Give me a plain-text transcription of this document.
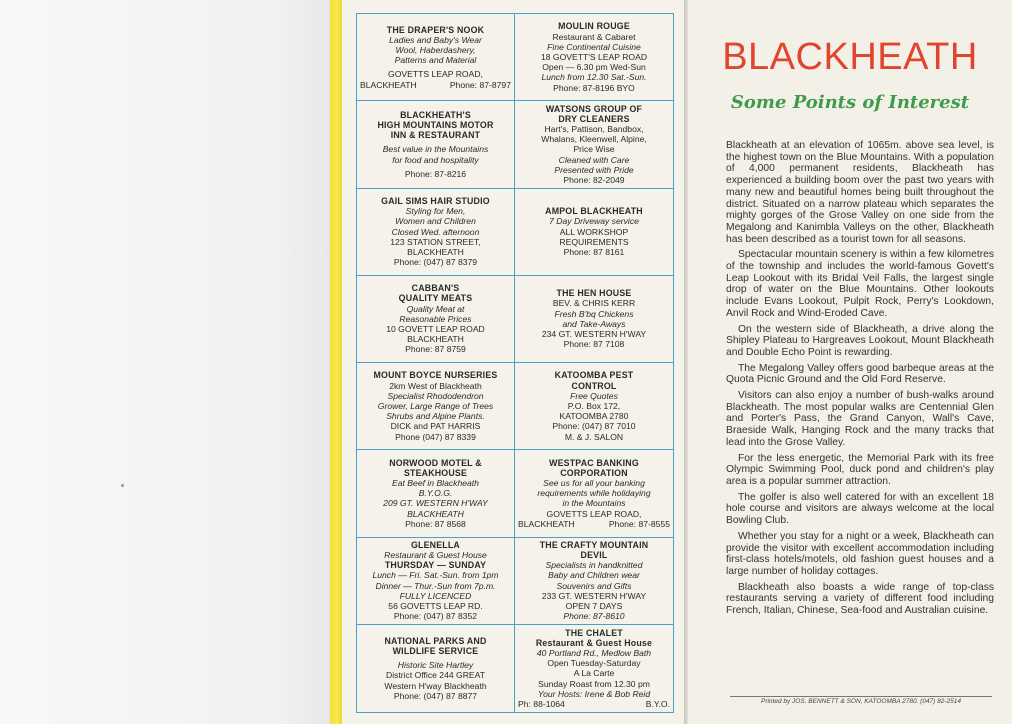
THE DRAPER'S NOOK
Ladies and Baby's Wear
Wool, Haberdashery,
Patterns and Material
GOVETTS LEAP ROAD,
BLACKHEATH	Phone: 87-8797
MOULIN ROUGE
Restaurant & Cabaret
Fine Continental Cuisine
18 GOVETT'S LEAP ROAD
Open — 6.30 pm Wed-Sun
Lunch from 12.30 Sat.-Sun.
Phone: 87-8196 BYO
BLACKHEATH'S
HIGH MOUNTAINS MOTOR
INN & RESTAURANT
Best value in the Mountains
for food and hospitality
Phone: 87-8216
WATSONS GROUP OF
DRY CLEANERS
Hart's, Pattison, Bandbox,
Whalans, Kleenwell, Alpine,
Price Wise
Cleaned with Care
Presented with Pride
Phone: 82-2049
GAIL SIMS HAIR STUDIO
Styling for Men,
Women and Children
Closed Wed. afternoon
123 STATION STREET,
BLACKHEATH
Phone: (047) 87 8379
AMPOL BLACKHEATH
7 Day Driveway service
ALL WORKSHOP
REQUIREMENTS
Phone: 87 8161
CABBAN'S
QUALITY MEATS
Quality Meat at
Reasonable Prices
10 GOVETT LEAP ROAD
BLACKHEATH
Phone: 87 8759
THE HEN HOUSE
BEV. & CHRIS KERR
Fresh B'bq Chickens
and Take-Aways
234 GT. WESTERN H'WAY
Phone: 87 7108
MOUNT BOYCE NURSERIES
2km West of Blackheath
Specialist Rhododendron
Grower, Large Range of Trees
Shrubs and Alpine Plants.
DICK and PAT HARRIS
Phone (047) 87 8339
KATOOMBA PEST
CONTROL
Free Quotes
P.O. Box 172,
KATOOMBA 2780
Phone: (047) 87 7010
M. & J. SALON
NORWOOD MOTEL &
STEAKHOUSE
Eat Beef in Blackheath
B.Y.O.G.
209 GT. WESTERN H'WAY
BLACKHEATH
Phone: 87 8568
WESTPAC BANKING
CORPORATION
See us for all your banking
requirements while holidaying
in the Mountains
GOVETTS LEAP ROAD,
BLACKHEATH	Phone: 87-8555
GLENELLA
Restaurant & Guest House
THURSDAY — SUNDAY
Lunch — Fri. Sat.-Sun. from 1pm
Dinner — Thur.-Sun from 7p.m.
FULLY LICENCED
56 GOVETTS LEAP RD.
Phone: (047) 87 8352
THE CRAFTY MOUNTAIN
DEVIL
Specialists in handknitted
Baby and Children wear
Souvenirs and Gifts
233 GT. WESTERN H'WAY
OPEN 7 DAYS
Phone: 87-8610
NATIONAL PARKS AND
WILDLIFE SERVICE
Historic Site Hartley
District Office 244 GREAT
Western H'way Blackheath
Phone: (047) 87 8877
THE CHALET
Restaurant & Guest House
40 Portland Rd., Medlow Bath
Open Tuesday-Saturday
A La Carte
Sunday Roast from 12.30 pm
Your Hosts: Irene & Bob Reid
Ph: 88-1064	B.Y.O.
BLACKHEATH
Some Points of Interest

Blackheath at an elevation of 1065m. above sea level, is the highest town on the Blue Mountains. With a population of 4,000 permanent residents, Blackheath has experienced a building boom over the past two years with many new and beautiful homes being built throughout the district. Situated on a narrow plateau which separates the mighty gorges of the Grose Valley on one side from the Megalong and Kanimbla Valleys on the other, Blackheath has been described as a tourist town for all seasons.

Spectacular mountain scenery is within a few kilometres of the township and includes the world-famous Govett's Leap Lookout with its Bridal Veil Falls, the largest single drop of water on the Blue Mountains. Other lookouts include Evans Lookout, Pulpit Rock, Perry's Lookdown, Anvil Rock and Wind-Eroded Cave.

On the western side of Blackheath, a drive along the Shipley Plateau to Hargreaves Lookout, Mount Blackheath and Double Echo Point is rewarding.

The Megalong Valley offers good barbeque areas at the Quota Picnic Ground and the Old Ford Reserve.

Visitors can also enjoy a number of bush-walks around Blackheath. The most popular walks are Centennial Glen and Porter's Pass, the Grand Canyon, Wall's Cave, Braeside Walk, Hanging Rock and the many tracks that lead into the Grose Valley.

For the less energetic, the Memorial Park with its free Olympic Swimming Pool, duck pond and children's play area is a popular summer attraction.

The golfer is also well catered for with an excellent 18 hole course and visitors are always welcome at the local Bowling Club.

Whether you stay for a night or a week, Blackheath can provide the visitor with excellent accommodation including first-class hotels/motels, old fashion guest houses and a large number of holiday cottages.

Blackheath also boasts a wide range of top-class restaurants serving a variety of different food including French, Italian, Chinese, Sea-food and Australian cuisine.

Printed by JOS. BENNETT & SON, KATOOMBA 2780. (047) 82-2514
